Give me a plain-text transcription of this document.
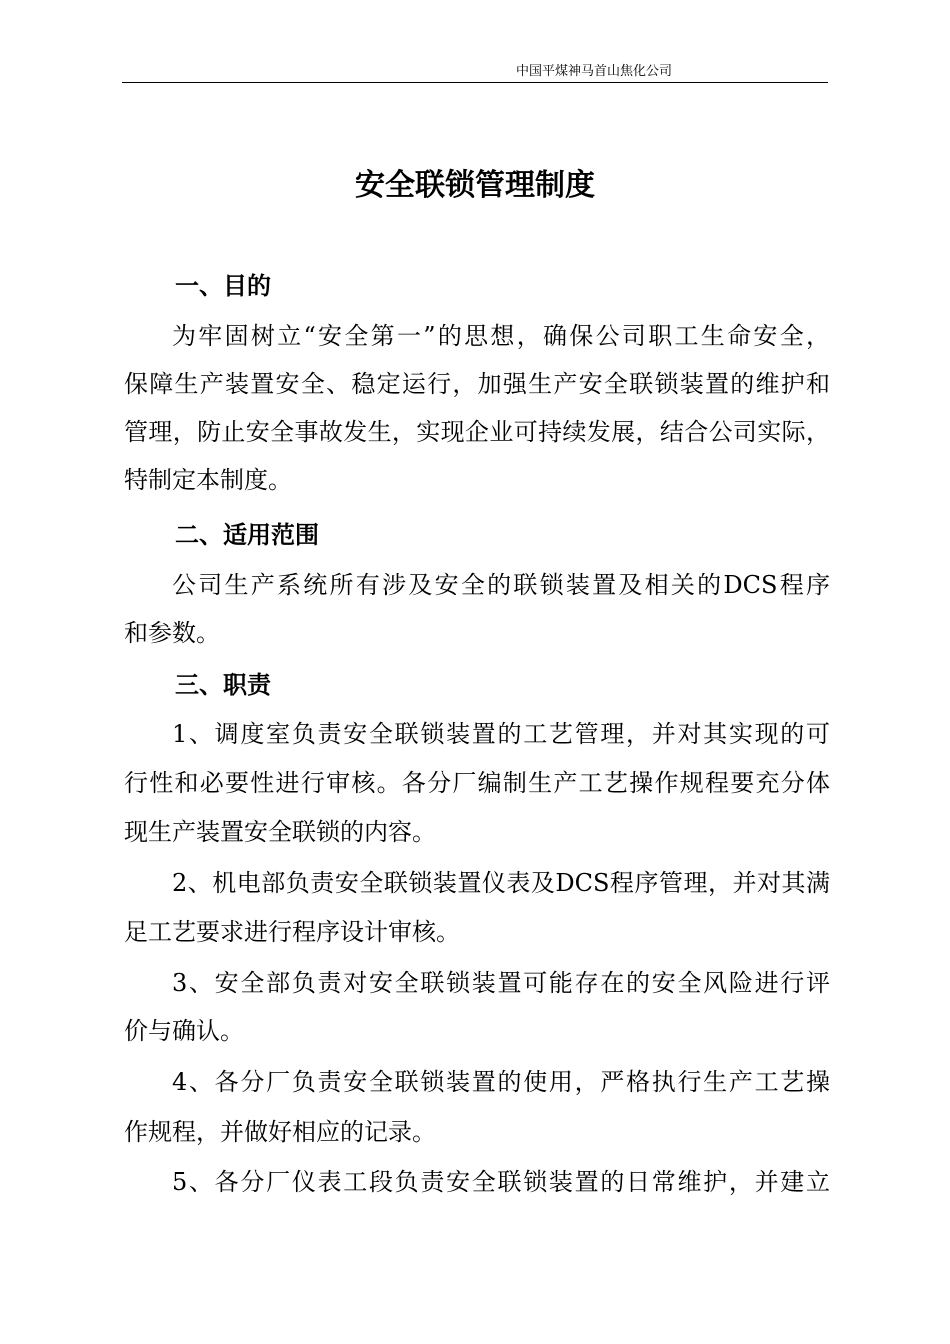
中国平煤神马首山焦化公司
安全联锁管理制度
一、目的
为牢固树立“安全第一”的思想，确保公司职工生命安全，
保障生产装置安全、稳定运行，加强生产安全联锁装置的维护和
管理，防止安全事故发生，实现企业可持续发展，结合公司实际，
特制定本制度。
二、适用范围
公司生产系统所有涉及安全的联锁装置及相关的DCS程序
和参数。
三、职责
1、调度室负责安全联锁装置的工艺管理，并对其实现的可
行性和必要性进行审核。各分厂编制生产工艺操作规程要充分体
现生产装置安全联锁的内容。
2、机电部负责安全联锁装置仪表及DCS程序管理，并对其满
足工艺要求进行程序设计审核。
3、安全部负责对安全联锁装置可能存在的安全风险进行评
价与确认。
4、各分厂负责安全联锁装置的使用，严格执行生产工艺操
作规程，并做好相应的记录。
5、各分厂仪表工段负责安全联锁装置的日常维护，并建立
